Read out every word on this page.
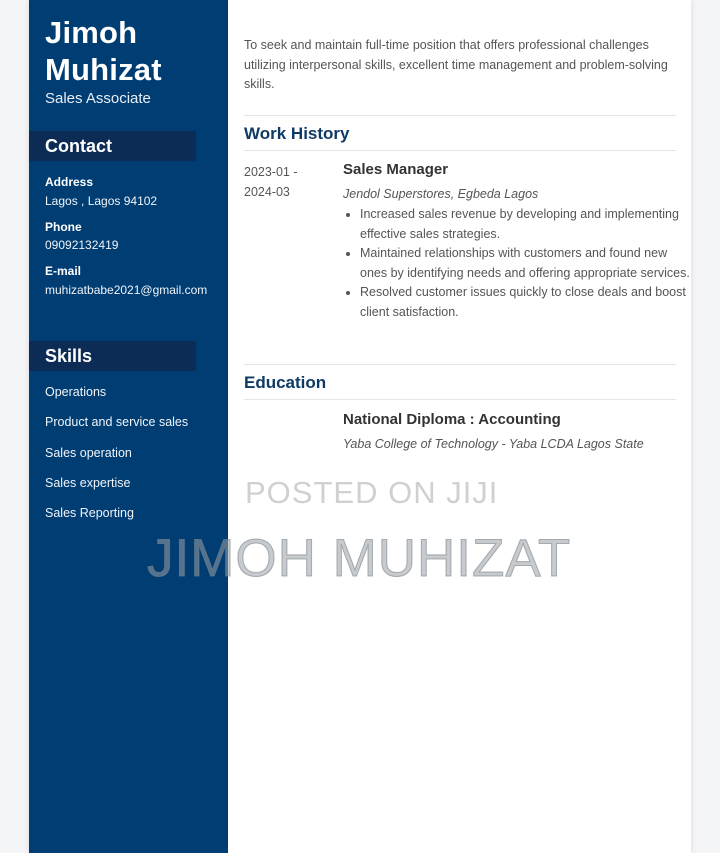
Jimoh Muhizat
Sales Associate
Contact
Address
Lagos , Lagos 94102
Phone
09092132419
E-mail
muhizatbabe2021@gmail.com
Skills
Operations
Product and service sales
Sales operation
Sales expertise
Sales Reporting
To seek and maintain full-time position that offers professional challenges utilizing interpersonal skills, excellent time management and problem-solving skills.
Work History
2023-01 - 2024-03
Sales Manager
Jendol Superstores, Egbeda Lagos
• Increased sales revenue by developing and implementing effective sales strategies.
• Maintained relationships with customers and found new ones by identifying needs and offering appropriate services.
• Resolved customer issues quickly to close deals and boost client satisfaction.
Education
National Diploma : Accounting
Yaba College of Technology - Yaba LCDA Lagos State
POSTED ON JIJI
JIMOH MUHIZAT
